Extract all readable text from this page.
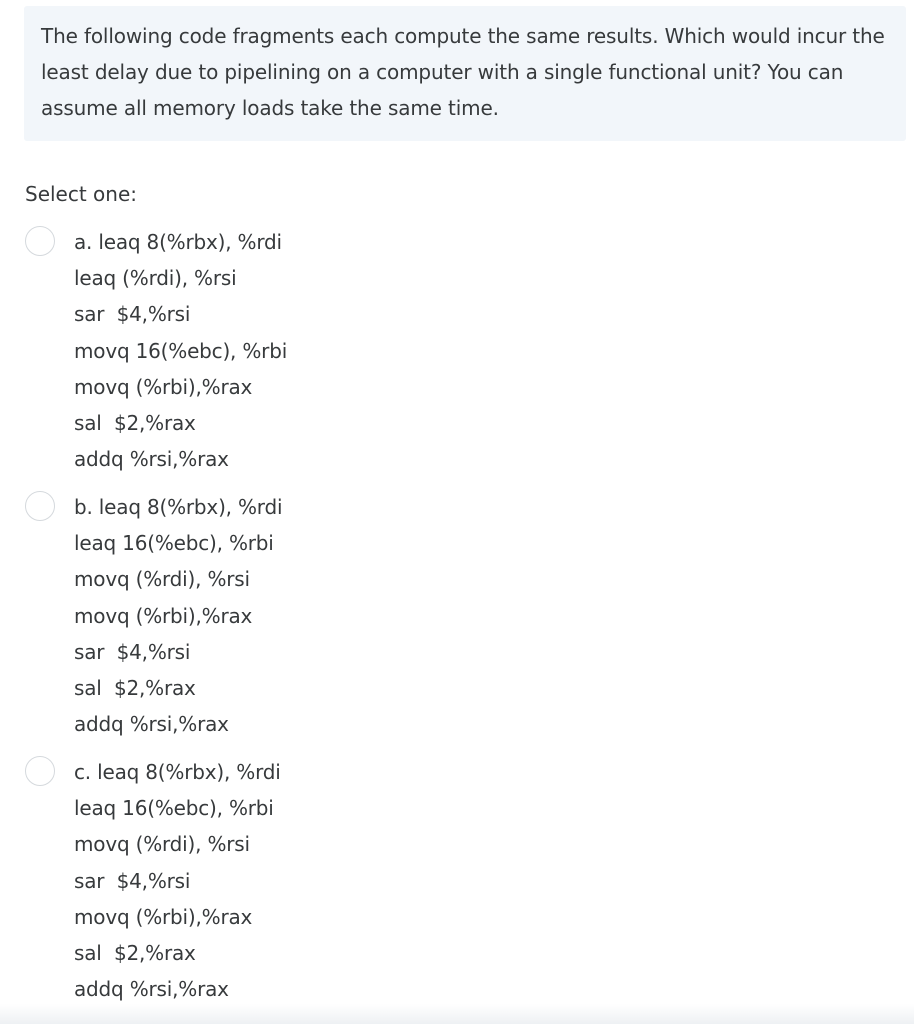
The following code fragments each compute the same results. Which would incur the least delay due to pipelining on a computer with a single functional unit? You can assume all memory loads take the same time.

Select one:

a. leaq 8(%rbx), %rdi
leaq (%rdi), %rsi
sar  $4,%rsi
movq 16(%ebc), %rbi
movq (%rbi),%rax
sal  $2,%rax
addq %rsi,%rax
b. leaq 8(%rbx), %rdi
leaq 16(%ebc), %rbi
movq (%rdi), %rsi
movq (%rbi),%rax
sar  $4,%rsi
sal  $2,%rax
addq %rsi,%rax
c. leaq 8(%rbx), %rdi
leaq 16(%ebc), %rbi
movq (%rdi), %rsi
sar  $4,%rsi
movq (%rbi),%rax
sal  $2,%rax
addq %rsi,%rax
